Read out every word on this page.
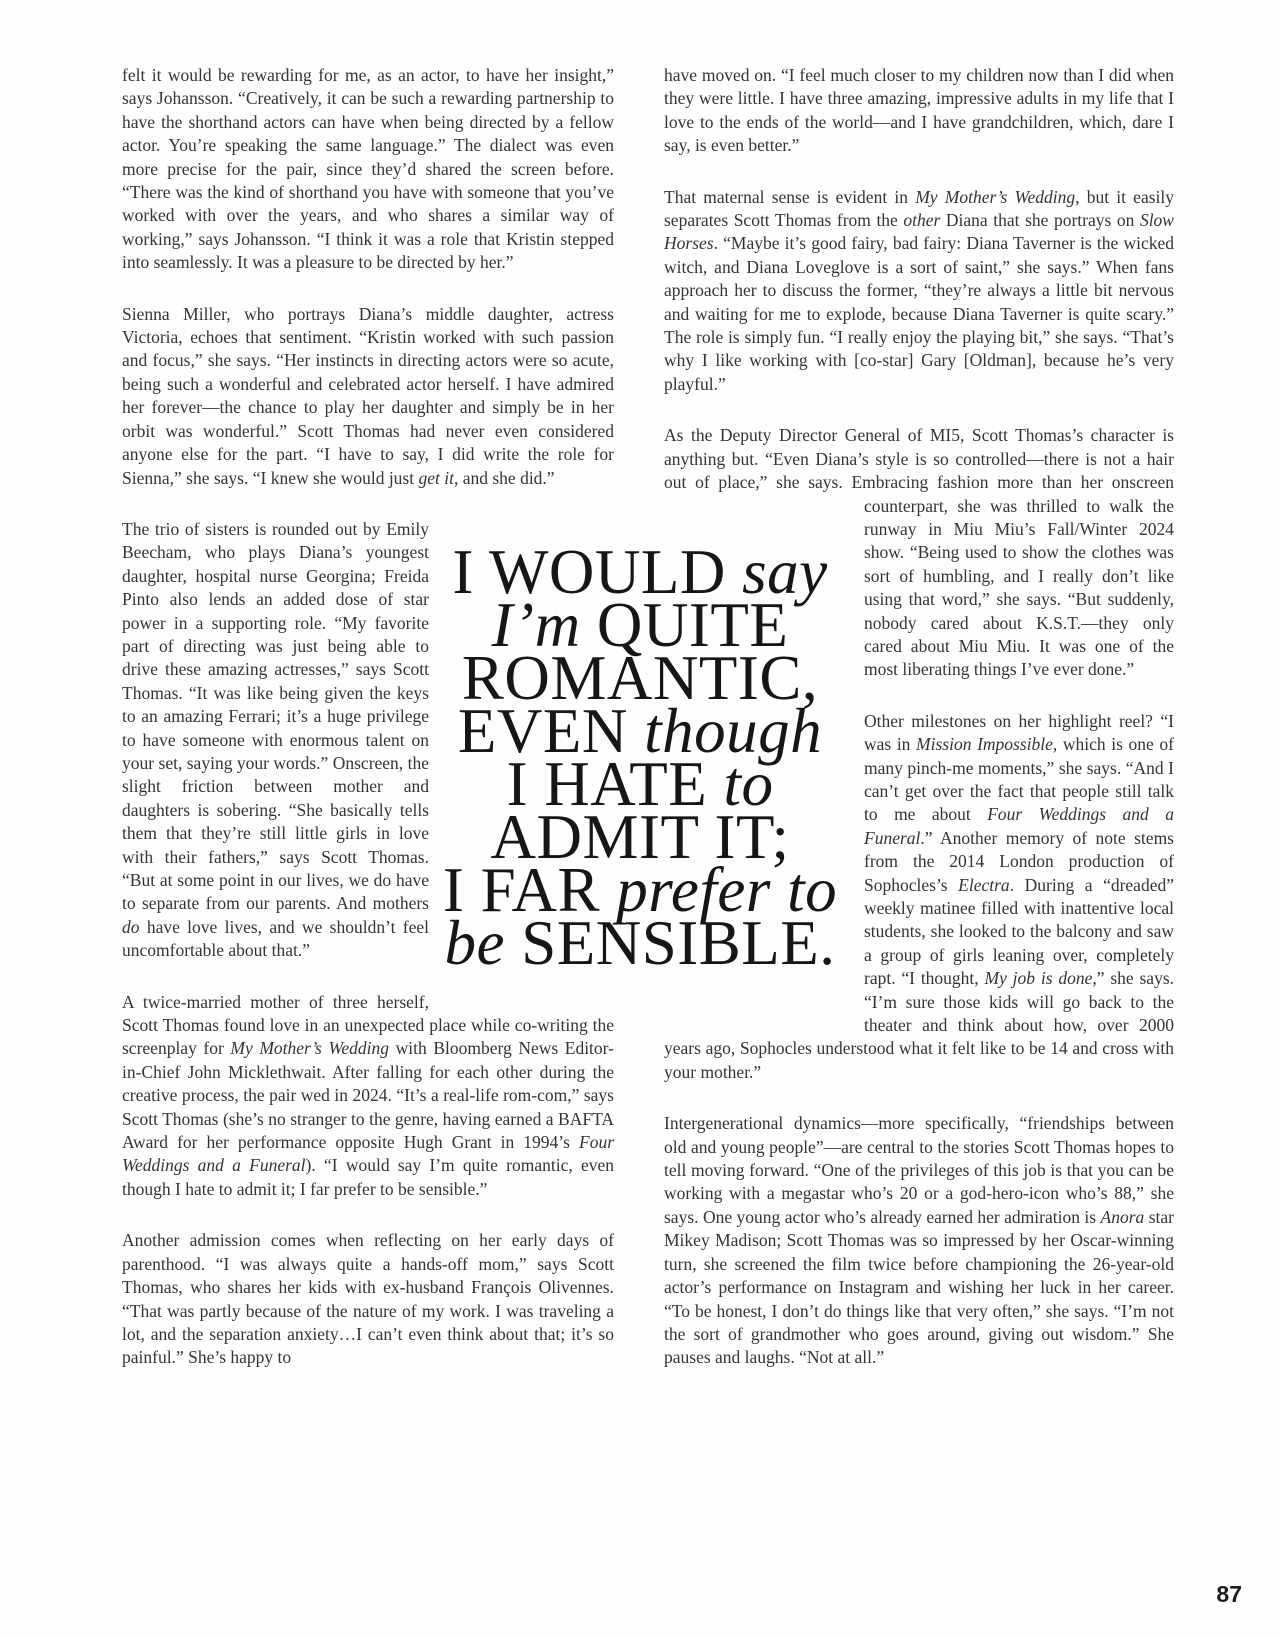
felt it would be rewarding for me, as an actor, to have her insight,” says Johansson. “Creatively, it can be such a rewarding partnership to have the shorthand actors can have when being directed by a fellow actor. You’re speaking the same language.” The dialect was even more precise for the pair, since they’d shared the screen before. “There was the kind of shorthand you have with someone that you’ve worked with over the years, and who shares a similar way of working,” says Johansson. “I think it was a role that Kristin stepped into seamlessly. It was a pleasure to be directed by her.”

Sienna Miller, who portrays Diana’s middle daughter, actress Victoria, echoes that sentiment. “Kristin worked with such passion and focus,” she says. “Her instincts in directing actors were so acute, being such a wonderful and celebrated actor herself. I have admired her forever—the chance to play her daughter and simply be in her orbit was wonderful.” Scott Thomas had never even considered anyone else for the part. “I have to say, I did write the role for Sienna,” she says. “I knew she would just get it, and she did.”

The trio of sisters is rounded out by Emily Beecham, who plays Diana’s youngest daughter, hospital nurse Georgina; Freida Pinto also lends an added dose of star power in a supporting role. “My favorite part of directing was just being able to drive these amazing actresses,” says Scott Thomas. “It was like being given the keys to an amazing Ferrari; it’s a huge privilege to have someone with enormous talent on your set, saying your words.” Onscreen, the slight friction between mother and daughters is sobering. “She basically tells them that they’re still little girls in love with their fathers,” says Scott Thomas. “But at some point in our lives, we do have to separate from our parents. And mothers do have love lives, and we shouldn’t feel uncomfortable about that.”

A twice-married mother of three herself, Scott Thomas found love in an unexpected place while co-writing the screenplay for My Mother’s Wedding with Bloomberg News Editor-in-Chief John Micklethwait. After falling for each other during the creative process, the pair wed in 2024. “It’s a real-life rom-com,” says Scott Thomas (she’s no stranger to the genre, having earned a BAFTA Award for her performance opposite Hugh Grant in 1994’s Four Weddings and a Funeral). “I would say I’m quite romantic, even though I hate to admit it; I far prefer to be sensible.”

Another admission comes when reflecting on her early days of parenthood. “I was always quite a hands-off mom,” says Scott Thomas, who shares her kids with ex-husband François Olivennes. “That was partly because of the nature of my work. I was traveling a lot, and the separation anxiety…I can’t even think about that; it’s so painful.” She’s happy to

have moved on. “I feel much closer to my children now than I did when they were little. I have three amazing, impressive adults in my life that I love to the ends of the world—and I have grandchildren, which, dare I say, is even better.”

That maternal sense is evident in My Mother’s Wedding, but it easily separates Scott Thomas from the other Diana that she portrays on Slow Horses. “Maybe it’s good fairy, bad fairy: Diana Taverner is the wicked witch, and Diana Loveglove is a sort of saint,” she says.” When fans approach her to discuss the former, “they’re always a little bit nervous and waiting for me to explode, because Diana Taverner is quite scary.” The role is simply fun. “I really enjoy the playing bit,” she says. “That’s why I like working with [co-star] Gary [Oldman], because he’s very playful.”

As the Deputy Director General of MI5, Scott Thomas’s character is anything but. “Even Diana’s style is so controlled—there is not a hair out of place,” she says. Embracing fashion more than her onscreen counterpart, she was thrilled to walk the runway in Miu Miu’s Fall/Winter 2024 show. “Being used to show the clothes was sort of humbling, and I really don’t like using that word,” she says. “But suddenly, nobody cared about K.S.T.—they only cared about Miu Miu. It was one of the most liberating things I’ve ever done.”

Other milestones on her highlight reel? “I was in Mission Impossible, which is one of many pinch-me moments,” she says. “And I can’t get over the fact that people still talk to me about Four Weddings and a Funeral.” Another memory of note stems from the 2014 London production of Sophocles’s Electra. During a “dreaded” weekly matinee filled with inattentive local students, she looked to the balcony and saw a group of girls leaning over, completely rapt. “I thought, My job is done,” she says. “I’m sure those kids will go back to the theater and think about how, over 2000 years ago, Sophocles understood what it felt like to be 14 and cross with your mother.”

Intergenerational dynamics—more specifically, “friendships between old and young people”—are central to the stories Scott Thomas hopes to tell moving forward. “One of the privileges of this job is that you can be working with a megastar who’s 20 or a god-hero-icon who’s 88,” she says. One young actor who’s already earned her admiration is Anora star Mikey Madison; Scott Thomas was so impressed by her Oscar-winning turn, she screened the film twice before championing the 26-year-old actor’s performance on Instagram and wishing her luck in her career. “To be honest, I don’t do things like that very often,” she says. “I’m not the sort of grandmother who goes around, giving out wisdom.” She pauses and laughs. “Not at all.”

I WOULD say
I’m QUITE
ROMANTIC,
EVEN though
I HATE to
ADMIT IT;
I FAR prefer to
be SENSIBLE.
87
